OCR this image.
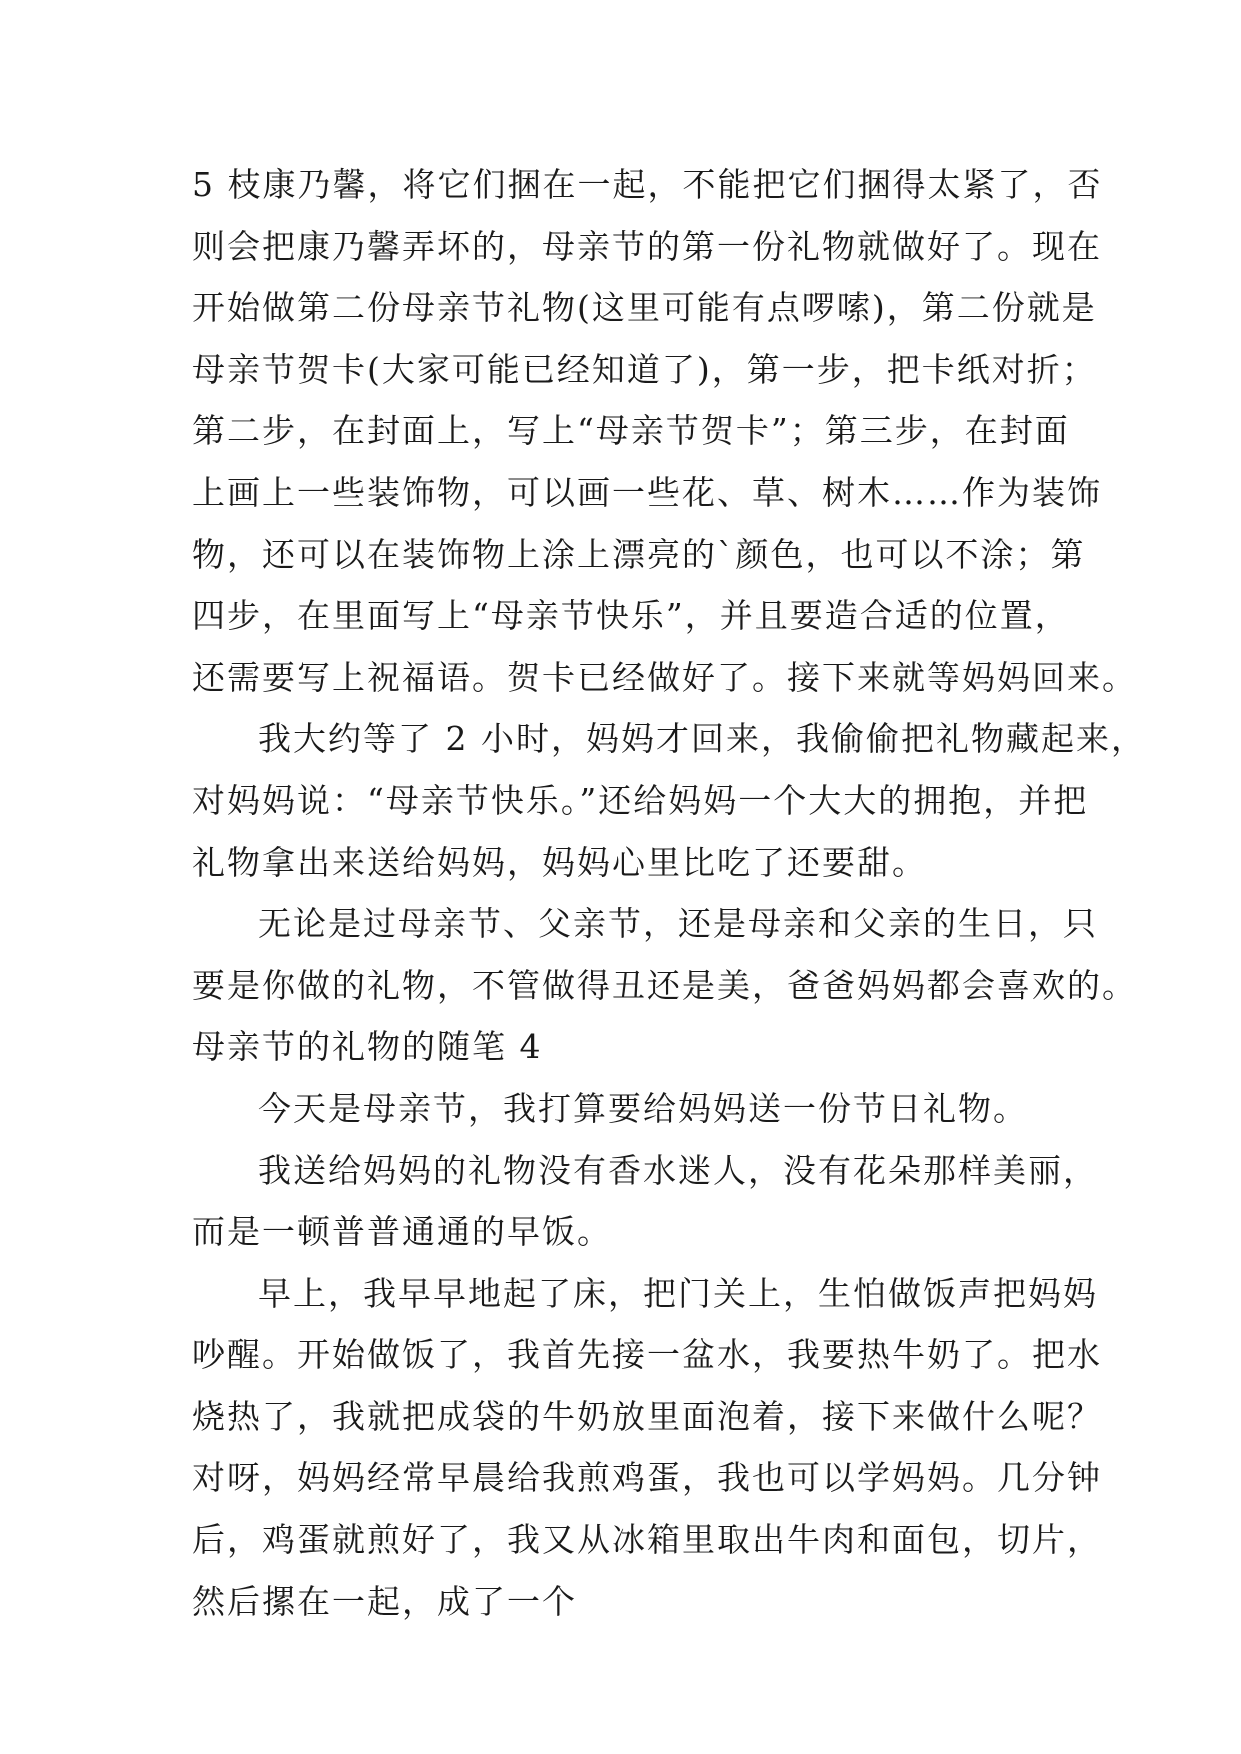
5 枝康乃馨，将它们捆在一起，不能把它们捆得太紧了，否
则会把康乃馨弄坏的，母亲节的第一份礼物就做好了。现在
开始做第二份母亲节礼物(这里可能有点啰嗦)，第二份就是
母亲节贺卡(大家可能已经知道了)，第一步，把卡纸对折；
第二步，在封面上，写上“母亲节贺卡”；第三步，在封面
上画上一些装饰物，可以画一些花、草、树木……作为装饰
物，还可以在装饰物上涂上漂亮的`颜色，也可以不涂；第
四步，在里面写上“母亲节快乐”，并且要造合适的位置，
还需要写上祝福语。贺卡已经做好了。接下来就等妈妈回来。
我大约等了 2 小时，妈妈才回来，我偷偷把礼物藏起来，
对妈妈说：“母亲节快乐。”还给妈妈一个大大的拥抱，并把
礼物拿出来送给妈妈，妈妈心里比吃了还要甜。
无论是过母亲节、父亲节，还是母亲和父亲的生日，只
要是你做的礼物，不管做得丑还是美，爸爸妈妈都会喜欢的。
母亲节的礼物的随笔 4
今天是母亲节，我打算要给妈妈送一份节日礼物。
我送给妈妈的礼物没有香水迷人，没有花朵那样美丽，
而是一顿普普通通的早饭。
早上，我早早地起了床，把门关上，生怕做饭声把妈妈
吵醒。开始做饭了，我首先接一盆水，我要热牛奶了。把水
烧热了，我就把成袋的牛奶放里面泡着，接下来做什么呢？
对呀，妈妈经常早晨给我煎鸡蛋，我也可以学妈妈。几分钟
后，鸡蛋就煎好了，我又从冰箱里取出牛肉和面包，切片，
然后摞在一起，成了一个
